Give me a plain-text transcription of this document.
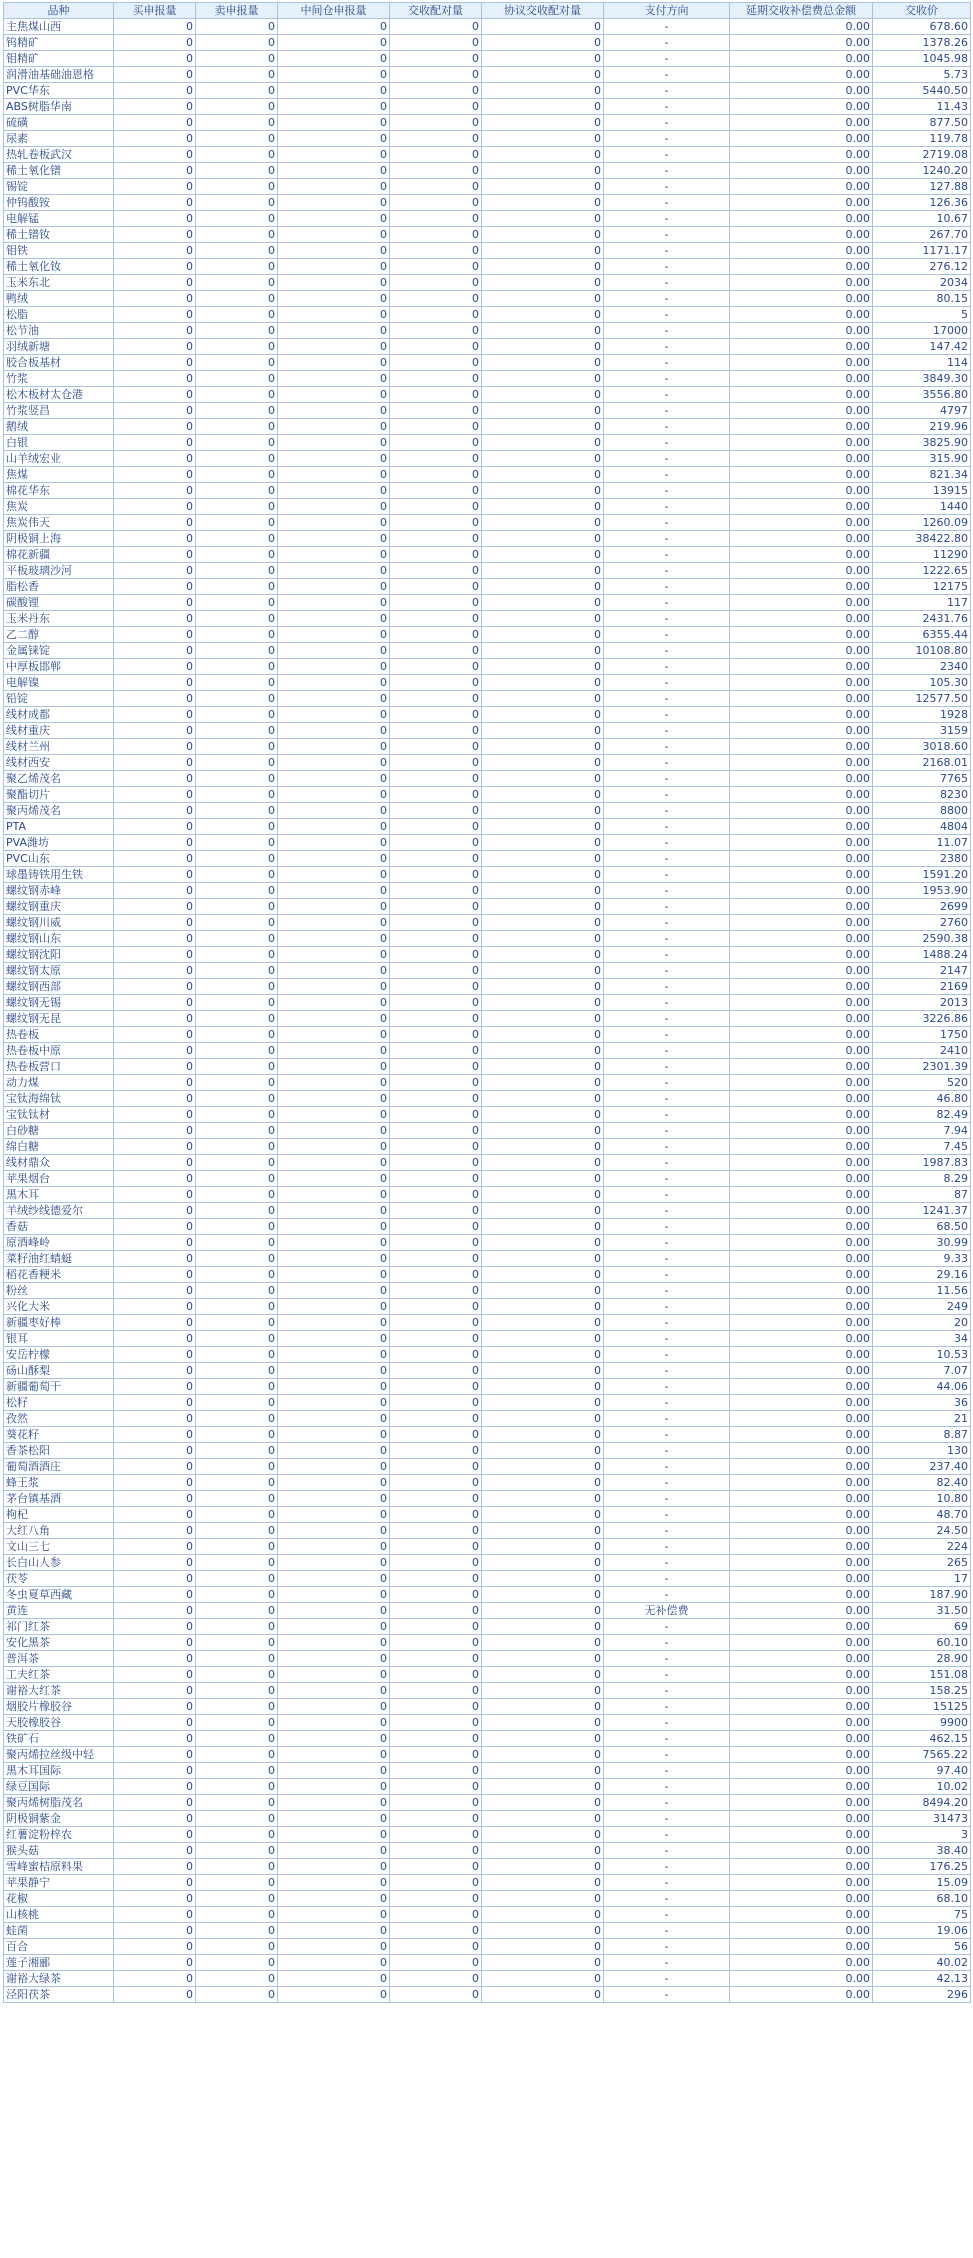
品种	买申报量	卖申报量	中间仓申报量	交收配对量	协议交收配对量	支付方向	延期交收补偿费总金额	交收价
主焦煤山西	0	0	0	0	0	-	0.00	678.60
钨精矿	0	0	0	0	0	-	0.00	1378.26
钼精矿	0	0	0	0	0	-	0.00	1045.98
润滑油基础油恩格	0	0	0	0	0	-	0.00	5.73
PVC华东	0	0	0	0	0	-	0.00	5440.50
ABS树脂华南	0	0	0	0	0	-	0.00	11.43
硫磺	0	0	0	0	0	-	0.00	877.50
尿素	0	0	0	0	0	-	0.00	119.78
热轧卷板武汉	0	0	0	0	0	-	0.00	2719.08
稀土氧化镨	0	0	0	0	0	-	0.00	1240.20
锡锭	0	0	0	0	0	-	0.00	127.88
仲钨酸铵	0	0	0	0	0	-	0.00	126.36
电解锰	0	0	0	0	0	-	0.00	10.67
稀土镨钕	0	0	0	0	0	-	0.00	267.70
钼铁	0	0	0	0	0	-	0.00	1171.17
稀土氧化钕	0	0	0	0	0	-	0.00	276.12
玉米东北	0	0	0	0	0	-	0.00	2034
鸭绒	0	0	0	0	0	-	0.00	80.15
松脂	0	0	0	0	0	-	0.00	5
松节油	0	0	0	0	0	-	0.00	17000
羽绒新塘	0	0	0	0	0	-	0.00	147.42
胶合板基材	0	0	0	0	0	-	0.00	114
竹浆	0	0	0	0	0	-	0.00	3849.30
松木板材太仓港	0	0	0	0	0	-	0.00	3556.80
竹浆竖昌	0	0	0	0	0	-	0.00	4797
鹅绒	0	0	0	0	0	-	0.00	219.96
白银	0	0	0	0	0	-	0.00	3825.90
山羊绒宏业	0	0	0	0	0	-	0.00	315.90
焦煤	0	0	0	0	0	-	0.00	821.34
棉花华东	0	0	0	0	0	-	0.00	13915
焦炭	0	0	0	0	0	-	0.00	1440
焦炭伟天	0	0	0	0	0	-	0.00	1260.09
阴极铜上海	0	0	0	0	0	-	0.00	38422.80
棉花新疆	0	0	0	0	0	-	0.00	11290
平板玻璃沙河	0	0	0	0	0	-	0.00	1222.65
脂松香	0	0	0	0	0	-	0.00	12175
碳酸锂	0	0	0	0	0	-	0.00	117
玉米丹东	0	0	0	0	0	-	0.00	2431.76
乙二醇	0	0	0	0	0	-	0.00	6355.44
金属铼锭	0	0	0	0	0	-	0.00	10108.80
中厚板邯郸	0	0	0	0	0	-	0.00	2340
电解镍	0	0	0	0	0	-	0.00	105.30
铅锭	0	0	0	0	0	-	0.00	12577.50
线材成都	0	0	0	0	0	-	0.00	1928
线材重庆	0	0	0	0	0	-	0.00	3159
线材兰州	0	0	0	0	0	-	0.00	3018.60
线材西安	0	0	0	0	0	-	0.00	2168.01
聚乙烯茂名	0	0	0	0	0	-	0.00	7765
聚酯切片	0	0	0	0	0	-	0.00	8230
聚丙烯茂名	0	0	0	0	0	-	0.00	8800
PTA	0	0	0	0	0	-	0.00	4804
PVA潍坊	0	0	0	0	0	-	0.00	11.07
PVC山东	0	0	0	0	0	-	0.00	2380
球墨铸铁用生铁	0	0	0	0	0	-	0.00	1591.20
螺纹钢赤峰	0	0	0	0	0	-	0.00	1953.90
螺纹钢重庆	0	0	0	0	0	-	0.00	2699
螺纹钢川威	0	0	0	0	0	-	0.00	2760
螺纹钢山东	0	0	0	0	0	-	0.00	2590.38
螺纹钢沈阳	0	0	0	0	0	-	0.00	1488.24
螺纹钢太原	0	0	0	0	0	-	0.00	2147
螺纹钢西部	0	0	0	0	0	-	0.00	2169
螺纹钢无锡	0	0	0	0	0	-	0.00	2013
螺纹钢无昆	0	0	0	0	0	-	0.00	3226.86
热卷板	0	0	0	0	0	-	0.00	1750
热卷板中原	0	0	0	0	0	-	0.00	2410
热卷板营口	0	0	0	0	0	-	0.00	2301.39
动力煤	0	0	0	0	0	-	0.00	520
宝钛海绵钛	0	0	0	0	0	-	0.00	46.80
宝钛钛材	0	0	0	0	0	-	0.00	82.49
白砂糖	0	0	0	0	0	-	0.00	7.94
绵白糖	0	0	0	0	0	-	0.00	7.45
线材鼎众	0	0	0	0	0	-	0.00	1987.83
苹果烟台	0	0	0	0	0	-	0.00	8.29
黑木耳	0	0	0	0	0	-	0.00	87
羊绒纱线德爱尔	0	0	0	0	0	-	0.00	1241.37
香菇	0	0	0	0	0	-	0.00	68.50
原酒峰岭	0	0	0	0	0	-	0.00	30.99
菜籽油红蜻蜓	0	0	0	0	0	-	0.00	9.33
稻花香粳米	0	0	0	0	0	-	0.00	29.16
粉丝	0	0	0	0	0	-	0.00	11.56
兴化大米	0	0	0	0	0	-	0.00	249
新疆枣好棒	0	0	0	0	0	-	0.00	20
银耳	0	0	0	0	0	-	0.00	34
安岳柠檬	0	0	0	0	0	-	0.00	10.53
砀山酥梨	0	0	0	0	0	-	0.00	7.07
新疆葡萄干	0	0	0	0	0	-	0.00	44.06
松籽	0	0	0	0	0	-	0.00	36
孜然	0	0	0	0	0	-	0.00	21
葵花籽	0	0	0	0	0	-	0.00	8.87
香茶松阳	0	0	0	0	0	-	0.00	130
葡萄酒酒庄	0	0	0	0	0	-	0.00	237.40
蜂王浆	0	0	0	0	0	-	0.00	82.40
茅台镇基酒	0	0	0	0	0	-	0.00	10.80
枸杞	0	0	0	0	0	-	0.00	48.70
大红八角	0	0	0	0	0	-	0.00	24.50
文山三七	0	0	0	0	0	-	0.00	224
长白山人参	0	0	0	0	0	-	0.00	265
茯苓	0	0	0	0	0	-	0.00	17
冬虫夏草西藏	0	0	0	0	0	-	0.00	187.90
黄连	0	0	0	0	0	无补偿费	0.00	31.50
祁门红茶	0	0	0	0	0	-	0.00	69
安化黑茶	0	0	0	0	0	-	0.00	60.10
普洱茶	0	0	0	0	0	-	0.00	28.90
工夫红茶	0	0	0	0	0	-	0.00	151.08
谢裕大红茶	0	0	0	0	0	-	0.00	158.25
烟胶片橡胶谷	0	0	0	0	0	-	0.00	15125
天胶橡胶谷	0	0	0	0	0	-	0.00	9900
铁矿石	0	0	0	0	0	-	0.00	462.15
聚丙烯拉丝级中轻	0	0	0	0	0	-	0.00	7565.22
黑木耳国际	0	0	0	0	0	-	0.00	97.40
绿豆国际	0	0	0	0	0	-	0.00	10.02
聚丙烯树脂茂名	0	0	0	0	0	-	0.00	8494.20
阴极铜紫金	0	0	0	0	0	-	0.00	31473
红薯淀粉梓农	0	0	0	0	0	-	0.00	3
猴头菇	0	0	0	0	0	-	0.00	38.40
雪峰蜜桔原料果	0	0	0	0	0	-	0.00	176.25
苹果静宁	0	0	0	0	0	-	0.00	15.09
花椒	0	0	0	0	0	-	0.00	68.10
山核桃	0	0	0	0	0	-	0.00	75
蛙菌	0	0	0	0	0	-	0.00	19.06
百合	0	0	0	0	0	-	0.00	56
莲子湘郦	0	0	0	0	0	-	0.00	40.02
谢裕大绿茶	0	0	0	0	0	-	0.00	42.13
泾阳茯茶	0	0	0	0	0	-	0.00	296
